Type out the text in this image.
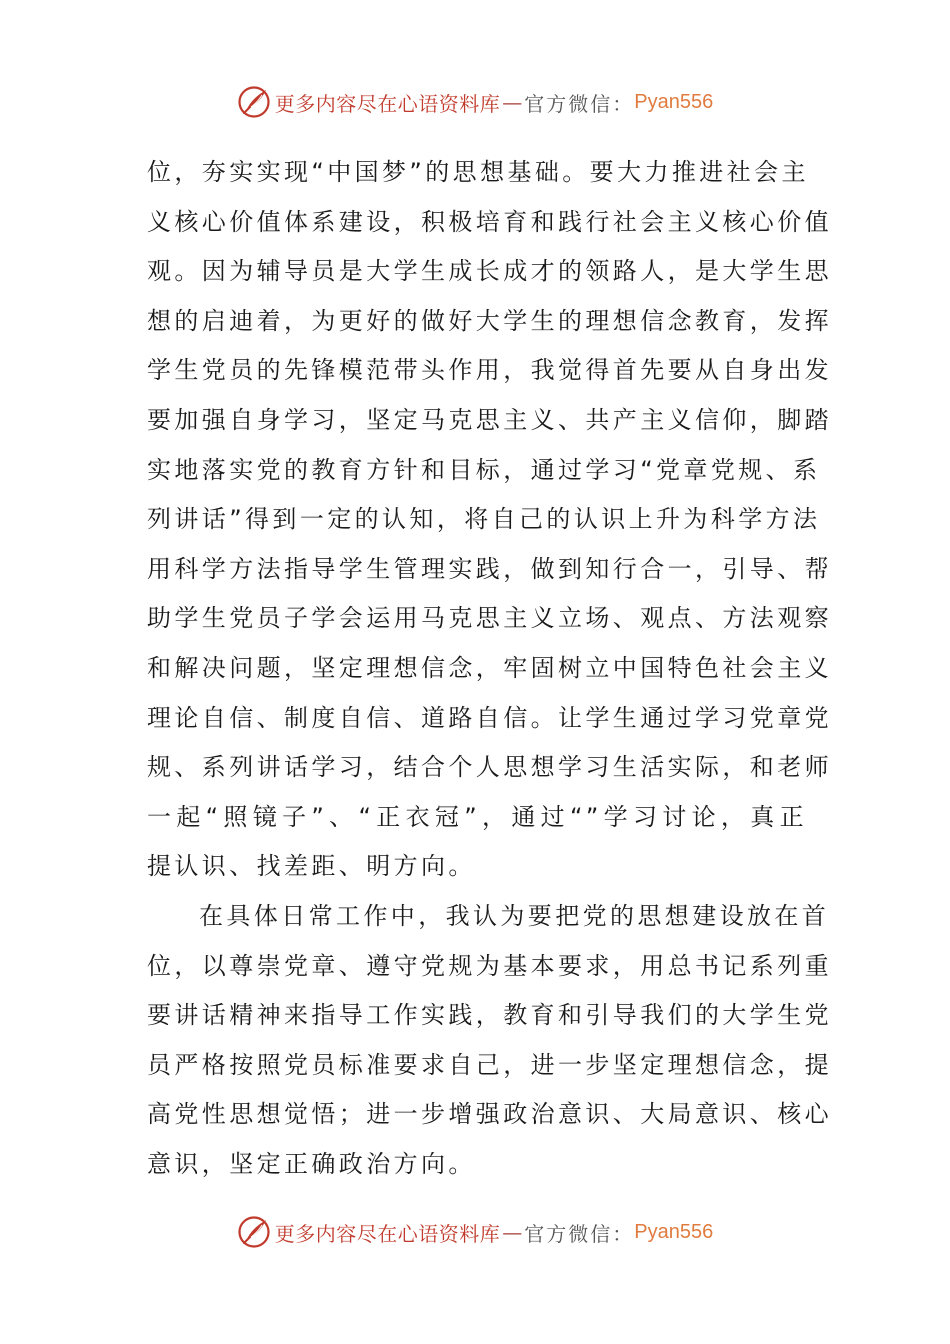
更多内容尽在心语资料库 — 官方微信： Pyan556
位，夯实实现“中国梦”的思想基础。要大力推进社会主
义核心价值体系建设，积极培育和践行社会主义核心价值
观。因为辅导员是大学生成长成才的领路人，是大学生思
想的启迪着，为更好的做好大学生的理想信念教育，发挥
学生党员的先锋模范带头作用，我觉得首先要从自身出发
要加强自身学习，坚定马克思主义、共产主义信仰，脚踏
实地落实党的教育方针和目标，通过学习“党章党规、系
列讲话”得到一定的认知，将自己的认识上升为科学方法
用科学方法指导学生管理实践，做到知行合一，引导、帮
助学生党员子学会运用马克思主义立场、观点、方法观察
和解决问题，坚定理想信念，牢固树立中国特色社会主义
理论自信、制度自信、道路自信。让学生通过学习党章党
规、系列讲话学习，结合个人思想学习生活实际，和老师
一起“照镜子”、“正衣冠”，通过“”学习讨论，真正
提认识、找差距、明方向。
在具体日常工作中，我认为要把党的思想建设放在首
位，以尊崇党章、遵守党规为基本要求，用总书记系列重
要讲话精神来指导工作实践，教育和引导我们的大学生党
员严格按照党员标准要求自己，进一步坚定理想信念，提
高党性思想觉悟；进一步增强政治意识、大局意识、核心
意识，坚定正确政治方向。
更多内容尽在心语资料库 — 官方微信： Pyan556
